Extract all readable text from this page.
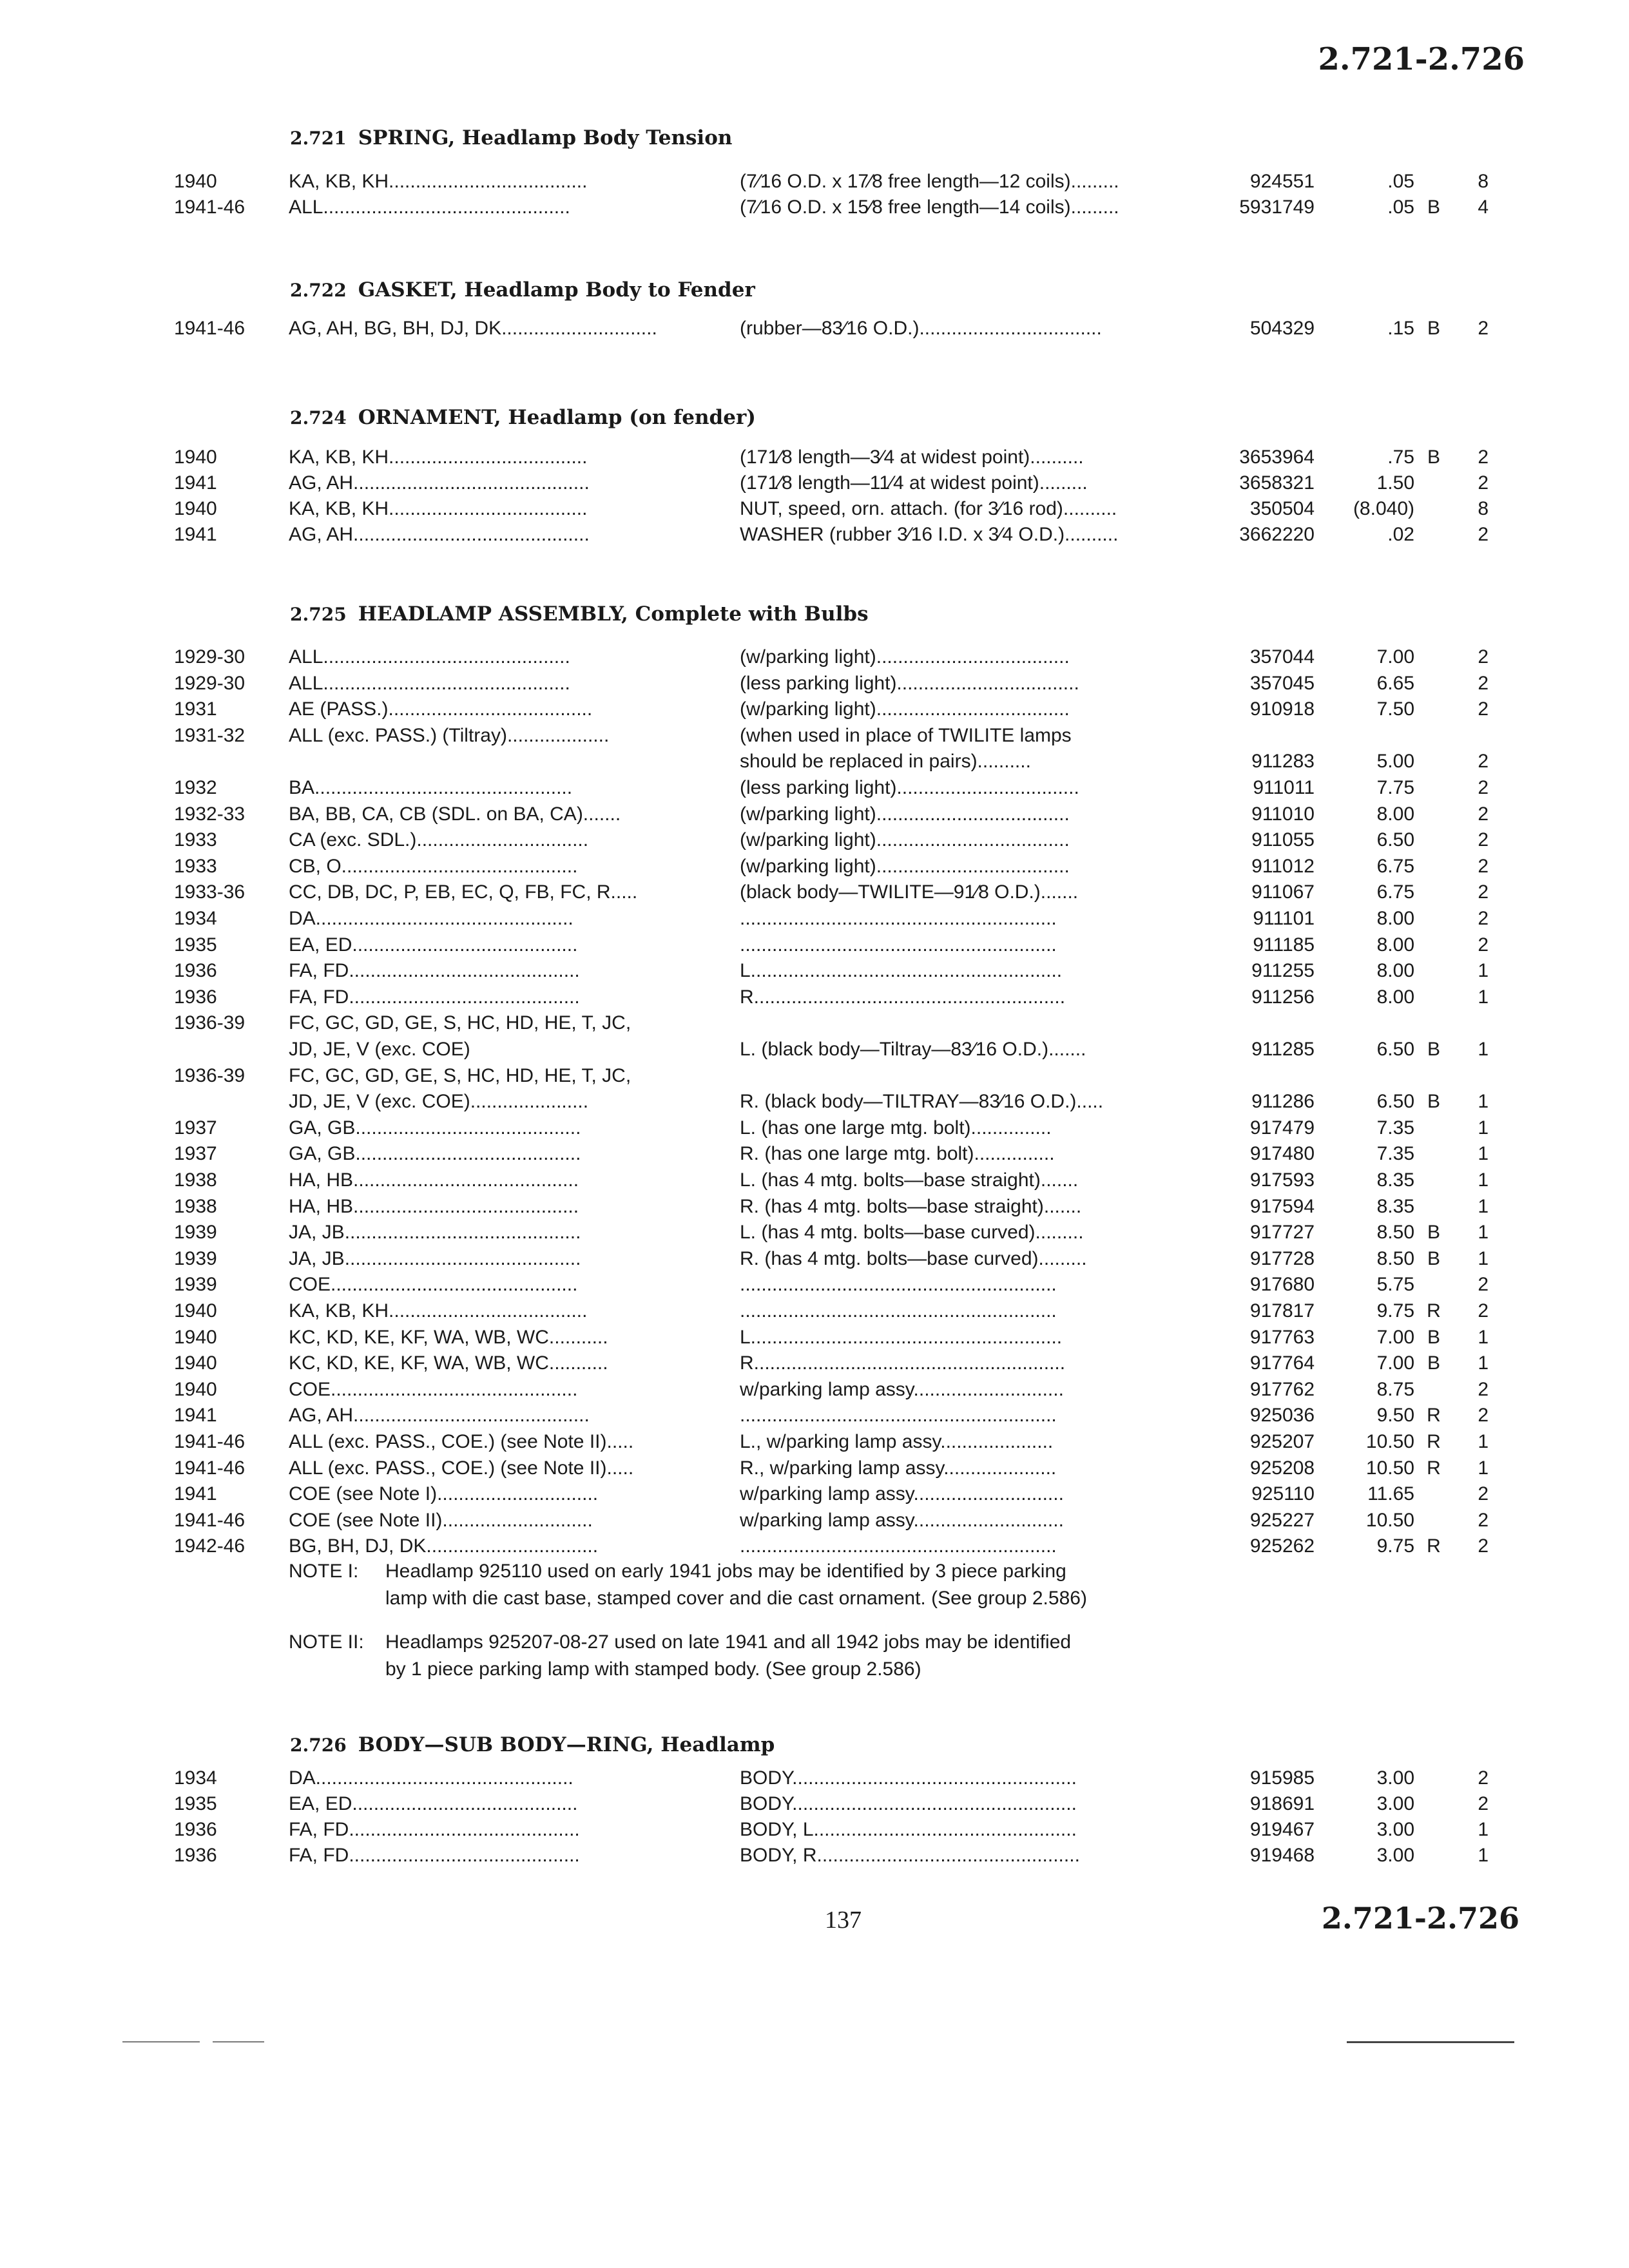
2.721-2.726
2.721 SPRING, Headlamp Body Tension
1940	KA, KB, KH.....................................	(7⁄16 O.D. x 17⁄8 free length—12 coils).........	924551	.05	8
1941-46 ALL..............................................	(7⁄16 O.D. x 15⁄8 free length—14 coils).........	5931749	.05 B	4
2.722 GASKET, Headlamp Body to Fender
1941-46 AG, AH, BG, BH, DJ, DK.............................	(rubber—83⁄16 O.D.)..................................	504329	.15 B	2
2.724 ORNAMENT, Headlamp (on fender)
1940	KA, KB, KH.....................................	(171⁄8 length—3⁄4 at widest point)..........	3653964	.75 B	2
1941	AG, AH............................................	(171⁄8 length—11⁄4 at widest point).........	3658321	1.50	2
1940	KA, KB, KH.....................................	NUT, speed, orn. attach. (for 3⁄16 rod)..........	350504	(8.040)	8
1941	AG, AH............................................	WASHER (rubber 3⁄16 I.D. x 3⁄4 O.D.)..........	3662220	.02	2
2.725 HEADLAMP ASSEMBLY, Complete with Bulbs
1929-30 ALL..............................................	(w/parking light)....................................	357044	7.00	2
1929-30 ALL..............................................	(less parking light)..................................	357045	6.65	2
1931	AE (PASS.)......................................	(w/parking light)....................................	910918	7.50	2
1931-32 ALL (exc. PASS.) (Tiltray)...................	(when used in place of TWILITE lamps
should be replaced in pairs)..........	911283	5.00	2
1932	BA................................................	(less parking light)..................................	911011	7.75	2
1932-33 BA, BB, CA, CB (SDL. on BA, CA).......	(w/parking light)....................................	911010	8.00	2
1933	CA (exc. SDL.)................................	(w/parking light)....................................	911055	6.50	2
1933	CB, O............................................	(w/parking light)....................................	911012	6.75	2
1933-36 CC, DB, DC, P, EB, EC, Q, FB, FC, R.....	(black body—TWILITE—91⁄8 O.D.).......	911067	6.75	2
1934	DA................................................	...........................................................	911101	8.00	2
1935	EA, ED..........................................	...........................................................	911185	8.00	2
1936	FA, FD...........................................	L..........................................................	911255	8.00	1
1936	FA, FD...........................................	R..........................................................	911256	8.00	1
1936-39 FC, GC, GD, GE, S, HC, HD, HE, T, JC,
JD, JE, V (exc. COE)	L. (black body—Tiltray—83⁄16 O.D.).......	911285	6.50 B	1
1936-39 FC, GC, GD, GE, S, HC, HD, HE, T, JC,
JD, JE, V (exc. COE)......................	R. (black body—TILTRAY—83⁄16 O.D.).....	911286	6.50 B	1
1937	GA, GB..........................................	L. (has one large mtg. bolt)...............	917479	7.35	1
1937	GA, GB..........................................	R. (has one large mtg. bolt)...............	917480	7.35	1
1938	HA, HB..........................................	L. (has 4 mtg. bolts—base straight).......	917593	8.35	1
1938	HA, HB..........................................	R. (has 4 mtg. bolts—base straight).......	917594	8.35	1
1939	JA, JB............................................	L. (has 4 mtg. bolts—base curved).........	917727	8.50 B	1
1939	JA, JB............................................	R. (has 4 mtg. bolts—base curved).........	917728	8.50 B	1
1939	COE..............................................	...........................................................	917680	5.75	2
1940	KA, KB, KH.....................................	...........................................................	917817	9.75 R	2
1940	KC, KD, KE, KF, WA, WB, WC...........	L..........................................................	917763	7.00 B	1
1940	KC, KD, KE, KF, WA, WB, WC...........	R..........................................................	917764	7.00 B	1
1940	COE..............................................	w/parking lamp assy............................	917762	8.75	2
1941	AG, AH............................................	...........................................................	925036	9.50 R	2
1941-46 ALL (exc. PASS., COE.) (see Note II).....	L., w/parking lamp assy.....................	925207	10.50 R	1
1941-46 ALL (exc. PASS., COE.) (see Note II).....	R., w/parking lamp assy.....................	925208	10.50 R	1
1941	COE (see Note I)..............................	w/parking lamp assy............................	925110	11.65	2
1941-46 COE (see Note II)............................	w/parking lamp assy............................	925227	10.50	2
1942-46 BG, BH, DJ, DK................................	...........................................................	925262	9.75 R	2
NOTE I: Headlamp 925110 used on early 1941 jobs may be identified by 3 piece parking
lamp with die cast base, stamped cover and die cast ornament. (See group 2.586)
NOTE II: Headlamps 925207-08-27 used on late 1941 and all 1942 jobs may be identified
by 1 piece parking lamp with stamped body. (See group 2.586)
2.726 BODY—SUB BODY—RING, Headlamp
1934	DA................................................	BODY.....................................................	915985	3.00	2
1935	EA, ED..........................................	BODY.....................................................	918691	3.00	2
1936	FA, FD...........................................	BODY, L.................................................	919467	3.00	1
1936	FA, FD...........................................	BODY, R.................................................	919468	3.00	1
137	2.721-2.726
